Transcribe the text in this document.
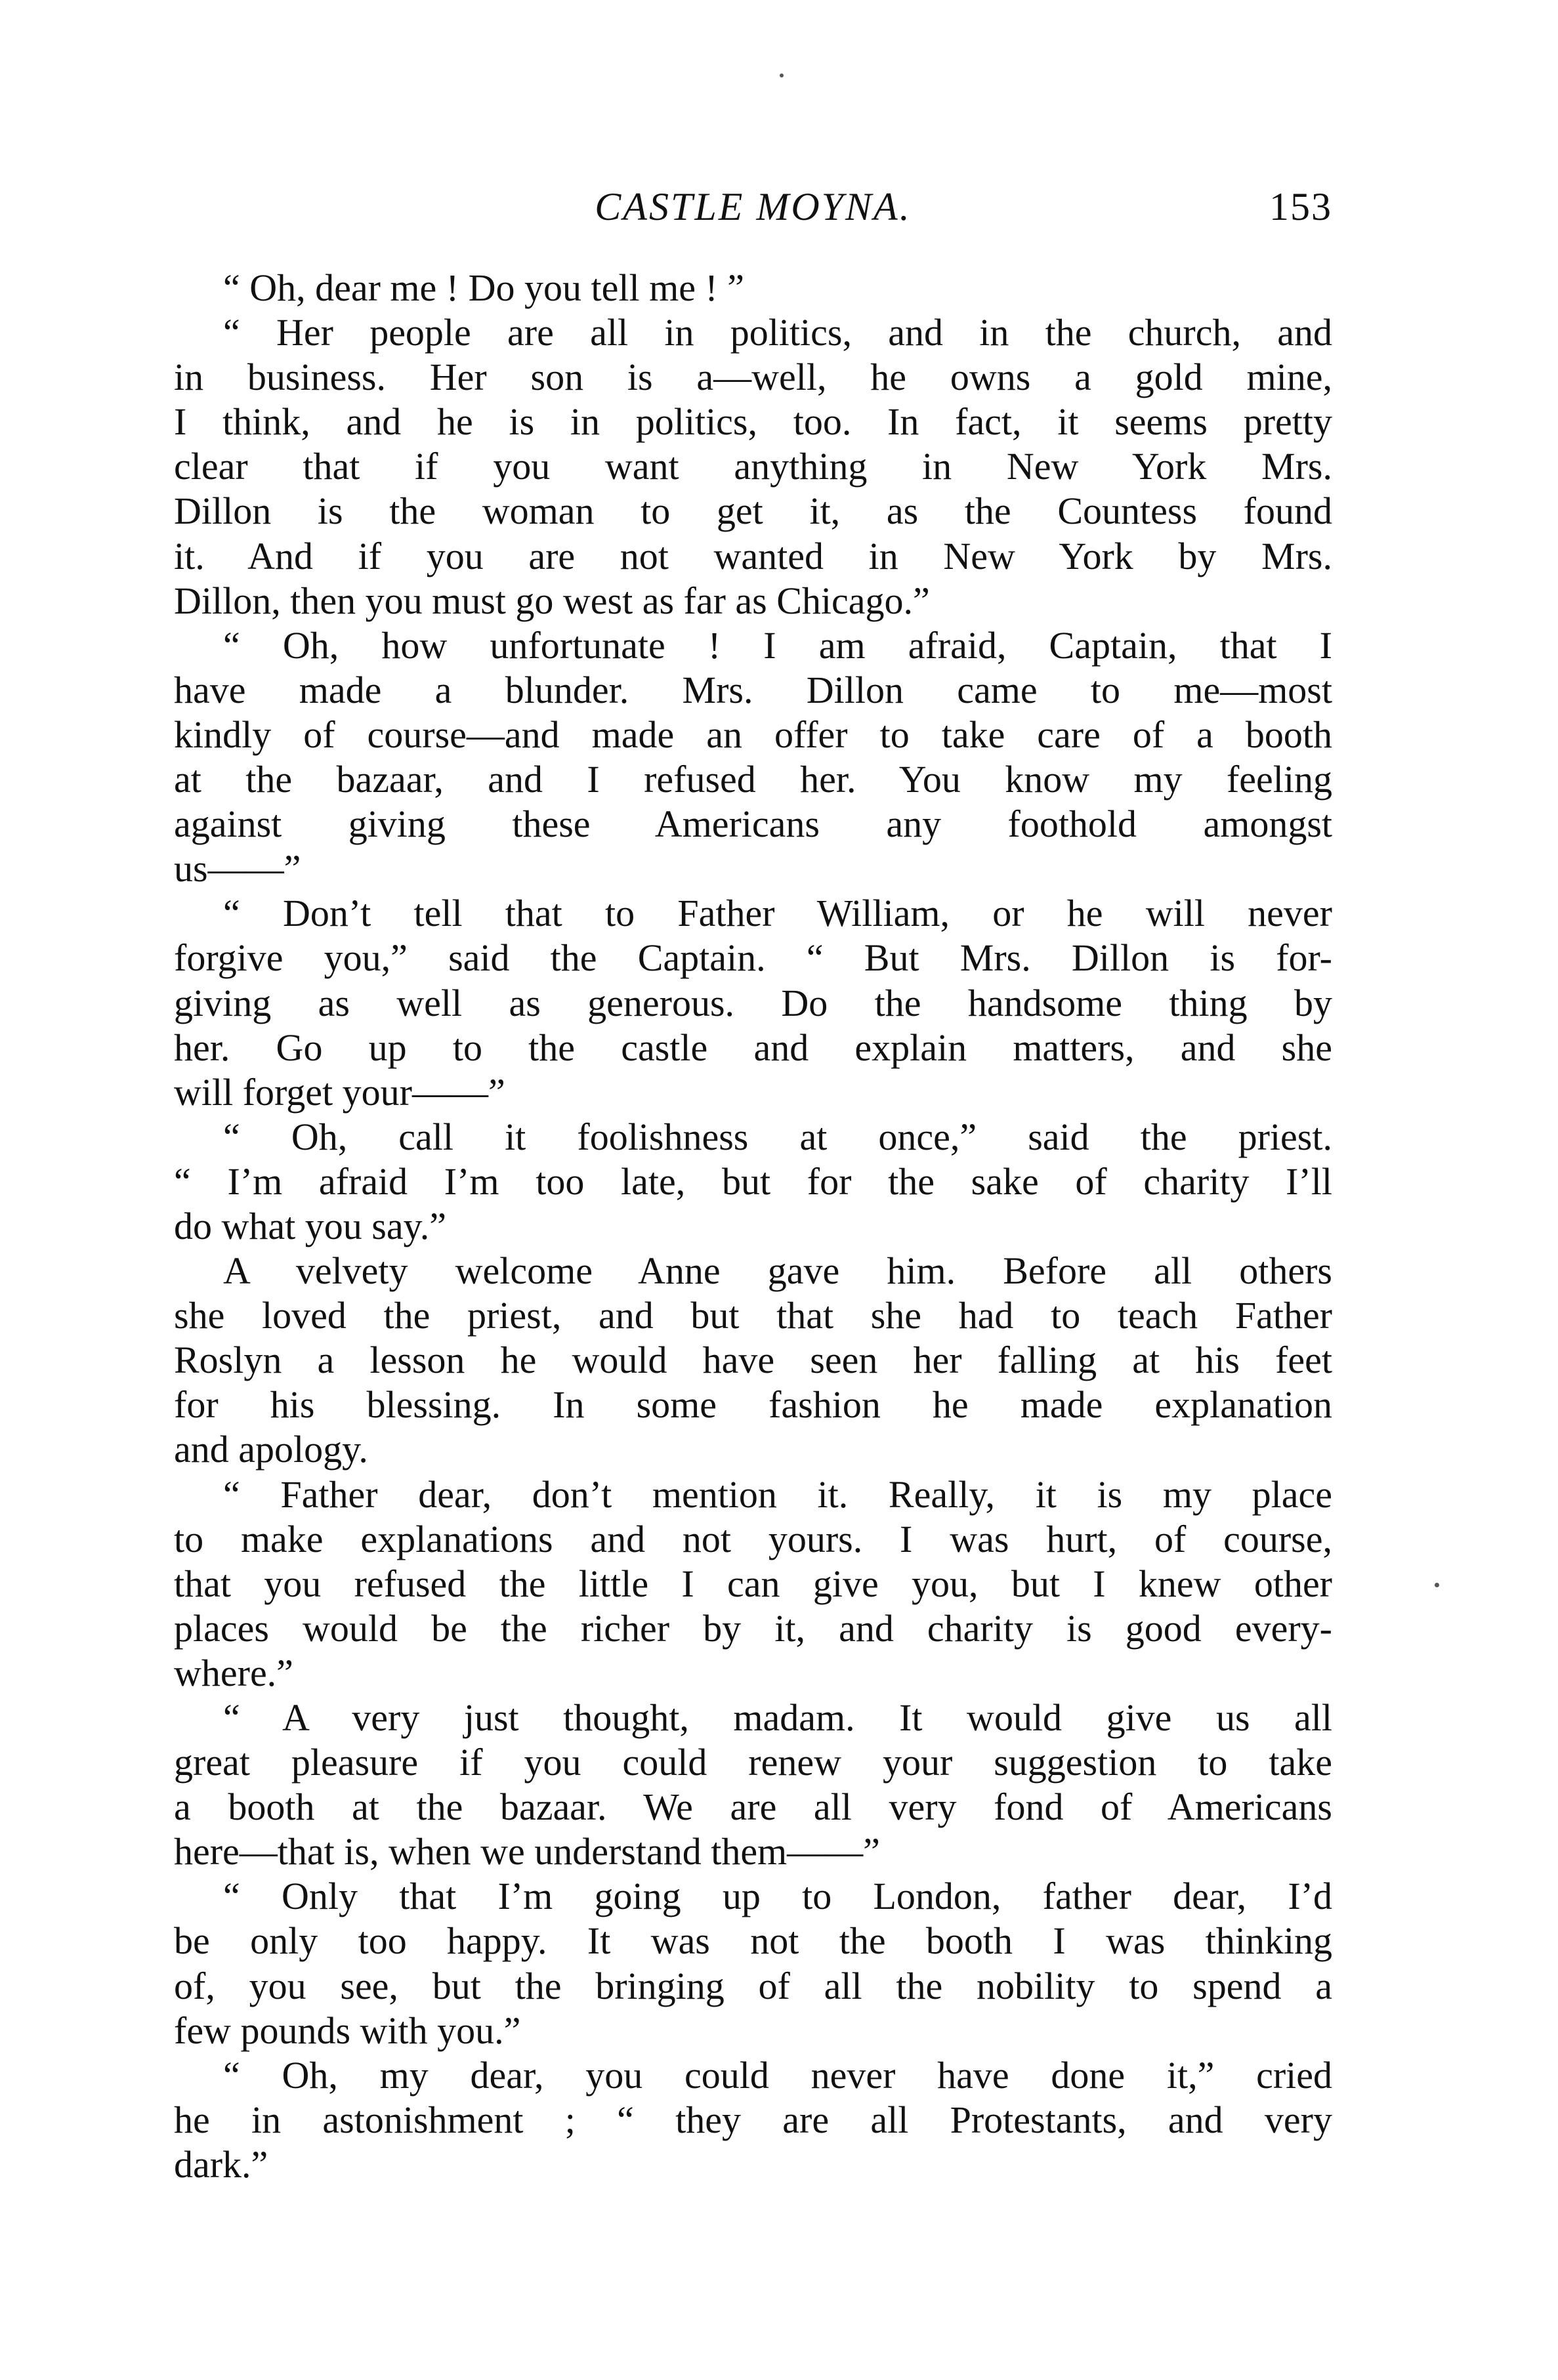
CASTLE MOYNA.	153
“ Oh, dear me ! Do you tell me ! ”
“ Her people are all in politics, and in the church, and
in business. Her son is a—well, he owns a gold mine,
I think, and he is in politics, too. In fact, it seems pretty
clear that if you want anything in New York Mrs.
Dillon is the woman to get it, as the Countess found
it. And if you are not wanted in New York by Mrs.
Dillon, then you must go west as far as Chicago.”
“ Oh, how unfortunate ! I am afraid, Captain, that I
have made a blunder. Mrs. Dillon came to me—most
kindly of course—and made an offer to take care of a booth
at the bazaar, and I refused her. You know my feeling
against giving these Americans any foothold amongst
us——”
“ Don’t tell that to Father William, or he will never
forgive you,” said the Captain. “ But Mrs. Dillon is for-
giving as well as generous. Do the handsome thing by
her. Go up to the castle and explain matters, and she
will forget your——”
“ Oh, call it foolishness at once,” said the priest.
“ I’m afraid I’m too late, but for the sake of charity I’ll
do what you say.”
A velvety welcome Anne gave him. Before all others
she loved the priest, and but that she had to teach Father
Roslyn a lesson he would have seen her falling at his feet
for his blessing. In some fashion he made explanation
and apology.
“ Father dear, don’t mention it. Really, it is my place
to make explanations and not yours. I was hurt, of course,
that you refused the little I can give you, but I knew other
places would be the richer by it, and charity is good every-
where.”
“ A very just thought, madam. It would give us all
great pleasure if you could renew your suggestion to take
a booth at the bazaar. We are all very fond of Americans
here—that is, when we understand them——”
“ Only that I’m going up to London, father dear, I’d
be only too happy. It was not the booth I was thinking
of, you see, but the bringing of all the nobility to spend a
few pounds with you.”
“ Oh, my dear, you could never have done it,” cried
he in astonishment ; “ they are all Protestants, and very
dark.”
